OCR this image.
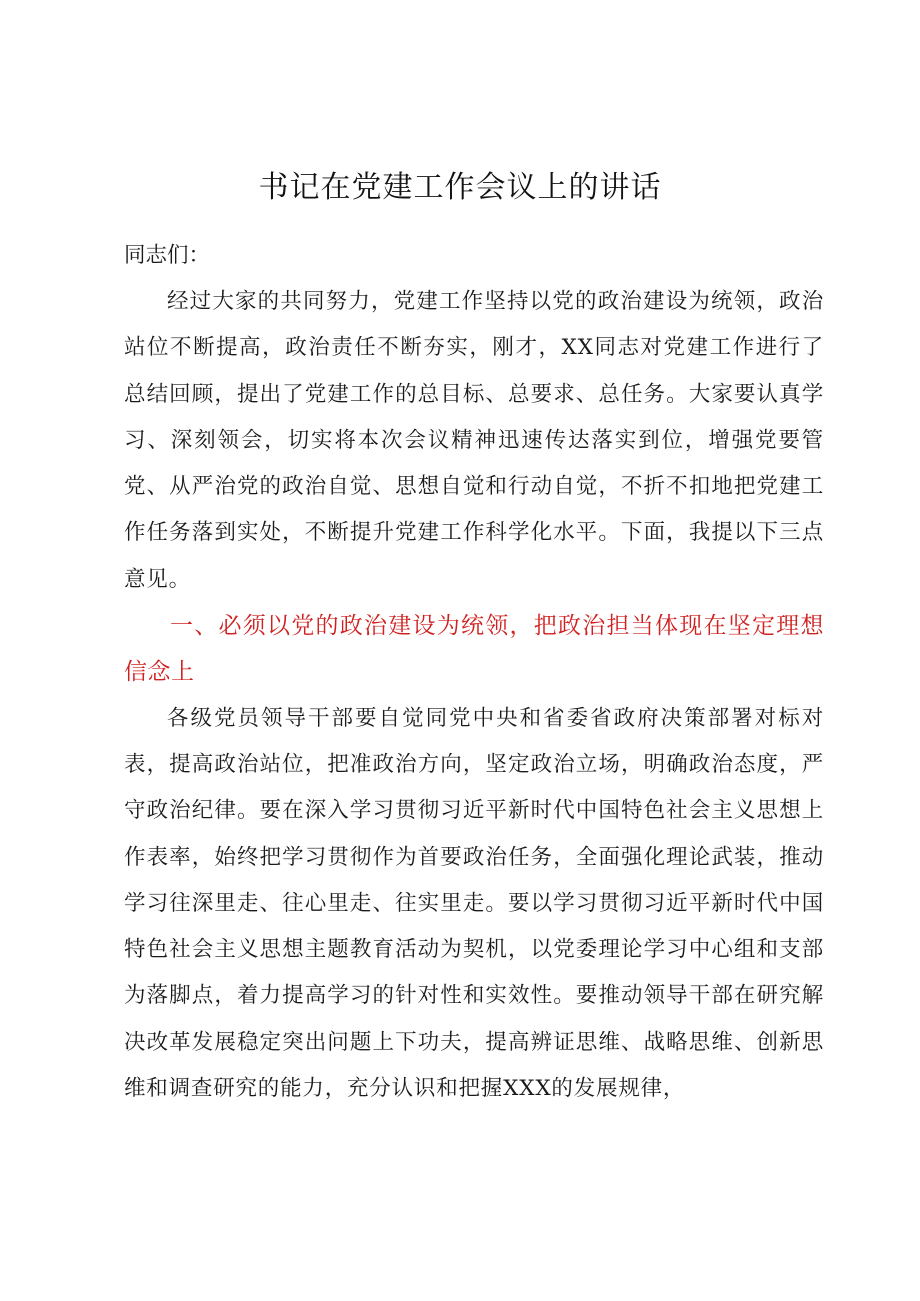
书记在党建工作会议上的讲话

同志们：

经过大家的共同努力，党建工作坚持以党的政治建设为统领，政治站位不断提高，政治责任不断夯实，刚才，XX同志对党建工作进行了总结回顾，提出了党建工作的总目标、总要求、总任务。大家要认真学习、深刻领会，切实将本次会议精神迅速传达落实到位，增强党要管党、从严治党的政治自觉、思想自觉和行动自觉，不折不扣地把党建工作任务落到实处，不断提升党建工作科学化水平。下面，我提以下三点意见。

一、必须以党的政治建设为统领，把政治担当体现在坚定理想信念上

各级党员领导干部要自觉同党中央和省委省政府决策部署对标对表，提高政治站位，把准政治方向，坚定政治立场，明确政治态度，严守政治纪律。要在深入学习贯彻习近平新时代中国特色社会主义思想上作表率，始终把学习贯彻作为首要政治任务，全面强化理论武装，推动学习往深里走、往心里走、往实里走。要以学习贯彻习近平新时代中国特色社会主义思想主题教育活动为契机，以党委理论学习中心组和支部为落脚点，着力提高学习的针对性和实效性。要推动领导干部在研究解决改革发展稳定突出问题上下功夫，提高辨证思维、战略思维、创新思维和调查研究的能力，充分认识和把握XXX的发展规律，
